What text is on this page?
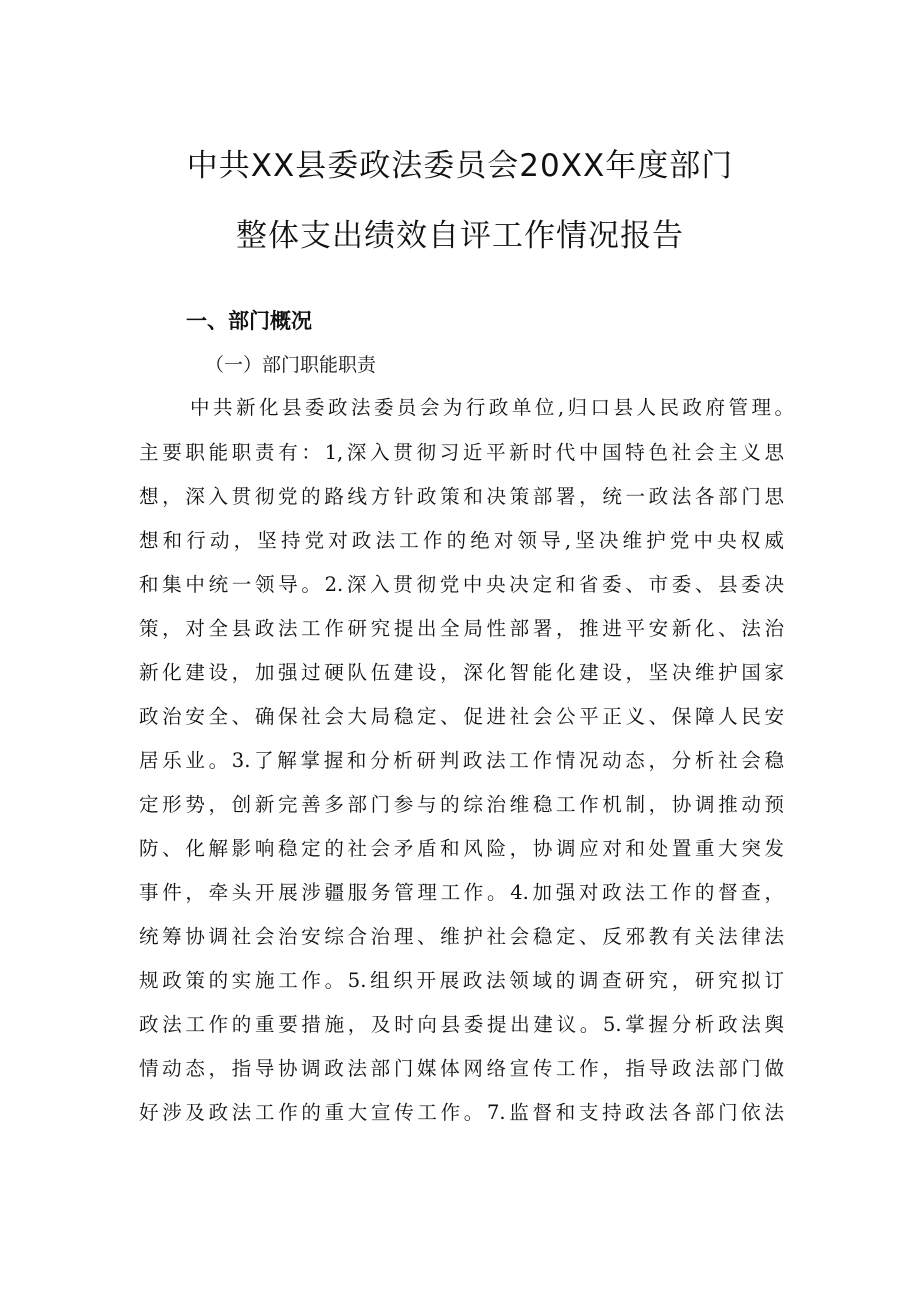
中共XX县委政法委员会20XX年度部门
整体支出绩效自评工作情况报告
一、部门概况
（一）部门职能职责
中共新化县委政法委员会为行政单位,归口县人民政府管理。
主要职能职责有：1,深入贯彻习近平新时代中国特色社会主义思
想，深入贯彻党的路线方针政策和决策部署，统一政法各部门思
想和行动，坚持党对政法工作的绝对领导,坚决维护党中央权威
和集中统一领导。2.深入贯彻党中央决定和省委、市委、县委决
策，对全县政法工作研究提出全局性部署，推进平安新化、法治
新化建设，加强过硬队伍建设，深化智能化建设，坚决维护国家
政治安全、确保社会大局稳定、促进社会公平正义、保障人民安
居乐业。3.了解掌握和分析研判政法工作情况动态，分析社会稳
定形势，创新完善多部门参与的综治维稳工作机制，协调推动预
防、化解影响稳定的社会矛盾和风险，协调应对和处置重大突发
事件，牵头开展涉疆服务管理工作。4.加强对政法工作的督查，
统筹协调社会治安综合治理、维护社会稳定、反邪教有关法律法
规政策的实施工作。5.组织开展政法领域的调查研究，研究拟订
政法工作的重要措施，及时向县委提出建议。5.掌握分析政法舆
情动态，指导协调政法部门媒体网络宣传工作，指导政法部门做
好涉及政法工作的重大宣传工作。7.监督和支持政法各部门依法
